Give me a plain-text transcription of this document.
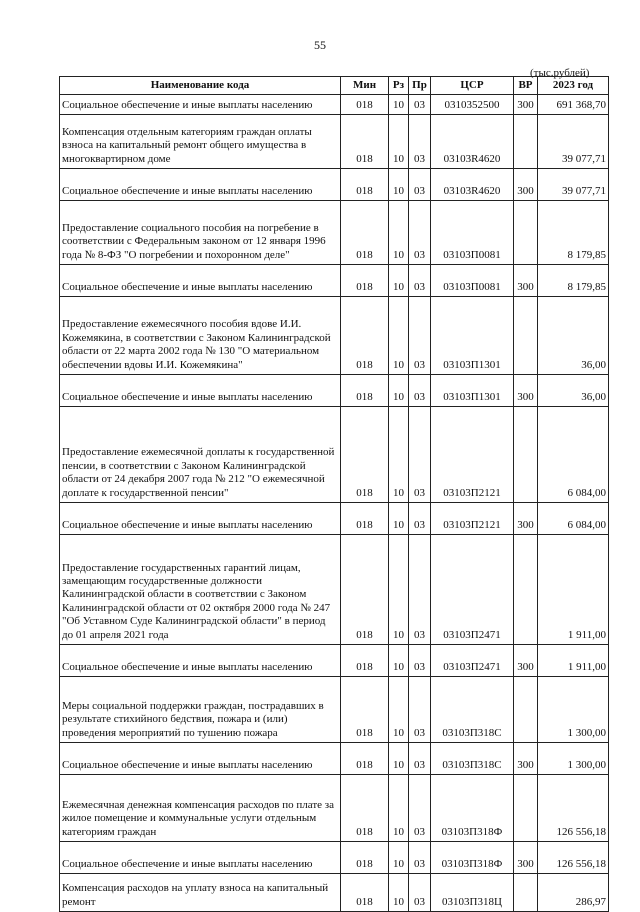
55
(тыс.рублей)
Наименование кода	Мин	Рз	Пр	ЦСР	ВР	2023 год
Социальное обеспечение и иные выплаты населению	018	10	03	0310352500	300	691 368,70
Компенсация отдельным категориям граждан оплаты взноса на капитальный ремонт общего имущества в многоквартирном доме	018	10	03	03103R4620		39 077,71
Социальное обеспечение и иные выплаты населению	018	10	03	03103R4620	300	39 077,71
Предоставление социального пособия на погребение в соответствии с Федеральным законом от 12 января 1996 года № 8-ФЗ "О погребении и похоронном деле"	018	10	03	03103П0081		8 179,85
Социальное обеспечение и иные выплаты населению	018	10	03	03103П0081	300	8 179,85
Предоставление ежемесячного пособия вдове И.И. Кожемякина, в соответствии с Законом Калининградской области от 22 марта 2002 года № 130 "О материальном обеспечении вдовы И.И. Кожемякина"	018	10	03	03103П1301		36,00
Социальное обеспечение и иные выплаты населению	018	10	03	03103П1301	300	36,00
Предоставление ежемесячной доплаты к государственной пенсии, в соответствии с Законом Калининградской области от 24 декабря 2007 года № 212 "О ежемесячной доплате к государственной пенсии"	018	10	03	03103П2121		6 084,00
Социальное обеспечение и иные выплаты населению	018	10	03	03103П2121	300	6 084,00
Предоставление государственных гарантий лицам, замещающим государственные должности Калининградской области в соответствии с Законом Калининградской области от 02 октября 2000 года № 247 "Об Уставном Суде Калининградской области" в период до 01 апреля 2021 года	018	10	03	03103П2471		1 911,00
Социальное обеспечение и иные выплаты населению	018	10	03	03103П2471	300	1 911,00
Меры социальной поддержки граждан, пострадавших в результате стихийного бедствия, пожара и (или) проведения мероприятий по тушению пожара	018	10	03	03103П318С		1 300,00
Социальное обеспечение и иные выплаты населению	018	10	03	03103П318С	300	1 300,00
Ежемесячная денежная компенсация расходов по плате за жилое помещение и коммунальные услуги отдельным категориям граждан	018	10	03	03103П318Ф		126 556,18
Социальное обеспечение и иные выплаты населению	018	10	03	03103П318Ф	300	126 556,18
Компенсация расходов на уплату взноса на капитальный ремонт	018	10	03	03103П318Ц		286,97
